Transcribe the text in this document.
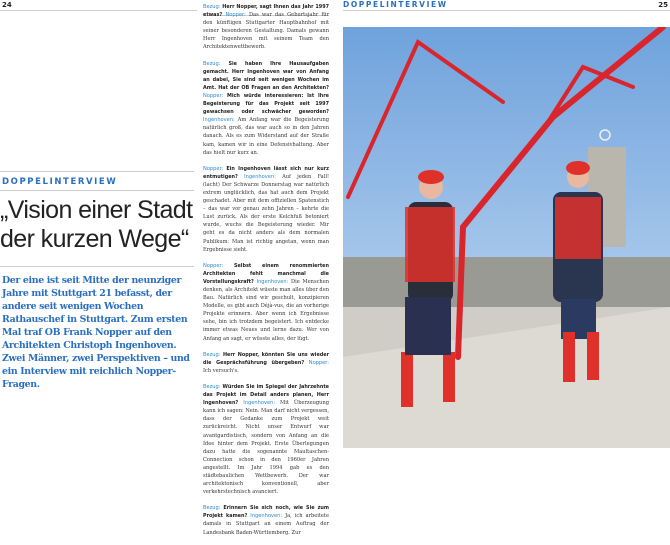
24	25
DOPPELINTERVIEW
DOPPELINTERVIEW
„Vision einer Stadt
der kurzen Wege“
Der eine ist seit Mitte der neunziger Jahre mit Stuttgart 21 befasst, der andere seit wenigen Wochen Rathauschef in Stuttgart. Zum ersten Mal traf OB Frank Nopper auf den Architekten Christoph Ingenhoven. Zwei Männer, zwei Perspektiven – und ein Interview mit reichlich Nopper-Fragen.

Bezug: Herr Nopper, sagt Ihnen das Jahr 1997 etwas? Nopper: Das war das Geburtsjahr für den künftigen Stuttgarter Hauptbahnhof mit seiner besonderen Gestaltung. Damals gewann Herr Ingenhoven mit seinem Team den Architektenwettbewerb.

Bezug: Sie haben Ihre Hausaufgaben gemacht. Herr Ingenhoven war von Anfang an dabei, Sie sind seit wenigen Wochen im Amt. Hat der OB Fragen an den Architekten? Nopper: Mich würde interessieren: Ist Ihre Begeisterung für das Projekt seit 1997 gewachsen oder schwächer geworden? Ingenhoven: Am Anfang war die Begeisterung natürlich groß, das war auch so in den Jahren danach. Als es zum Widerstand auf der Straße kam, kamen wir in eine Defensivhaltung. Aber das hielt nur kurz an.

Nopper: Ein Ingenhoven lässt sich nur kurz entmutigen? Ingenhoven: Auf jeden Fall! (lacht) Der Schwarze Donnerstag war natürlich extrem unglücklich, das hat auch dem Projekt geschadet. Aber mit dem offiziellen Spatenstich – das war vor genau zehn Jahren – kehrte die Lust zurück. Als der erste Kelchfuß betoniert wurde, wuchs die Begeisterung wieder. Mir geht es da nicht anders als dem normalen Publikum: Man ist richtig angetan, wenn man Ergebnisse sieht.

Nopper: Selbst einem renommierten Architekten fehlt manchmal die Vorstellungskraft? Ingenhoven: Die Menschen denken, als Architekt wüsste man alles über den Bau. Natürlich sind wir geschult, konzipieren Modelle, es gibt auch Déjà-vus, die an vorherige Projekte erinnern. Aber wenn ich Ergebnisse sehe, bin ich trotzdem begeistert. Ich entdecke immer etwas Neues und lerne dazu. Wer von Anfang an sagt, er wüsste alles, der lügt.

Bezug: Herr Nopper, könnten Sie uns wieder die Gesprächsführung übergeben? Nopper: Ich versuch's.

Bezug: Würden Sie im Spiegel der Jahrzehnte das Projekt im Detail anders planen, Herr Ingenhoven? Ingenhoven: Mit Überzeugung kann ich sagen: Nein. Man darf nicht vergessen, dass der Gedanke zum Projekt weit zurückreicht. Nicht unser Entwurf war avantgardistisch, sondern von Anfang an die Idee hinter dem Projekt. Erste Überlegungen dazu hatte die sogenannte Maultaschen-Connection schon in den 1960er Jahren angestellt. Im Jahr 1994 gab es den städtebaulichen Wettbewerb. Der war architektonisch konventionell, aber verkehrstechnisch avanciert.

Bezug: Erinnern Sie sich noch, wie Sie zum Projekt kamen? Ingenhoven: Ja, ich arbeitete damals in Stuttgart an einem Auftrag der Landesbank Baden-Württemberg. Zur
